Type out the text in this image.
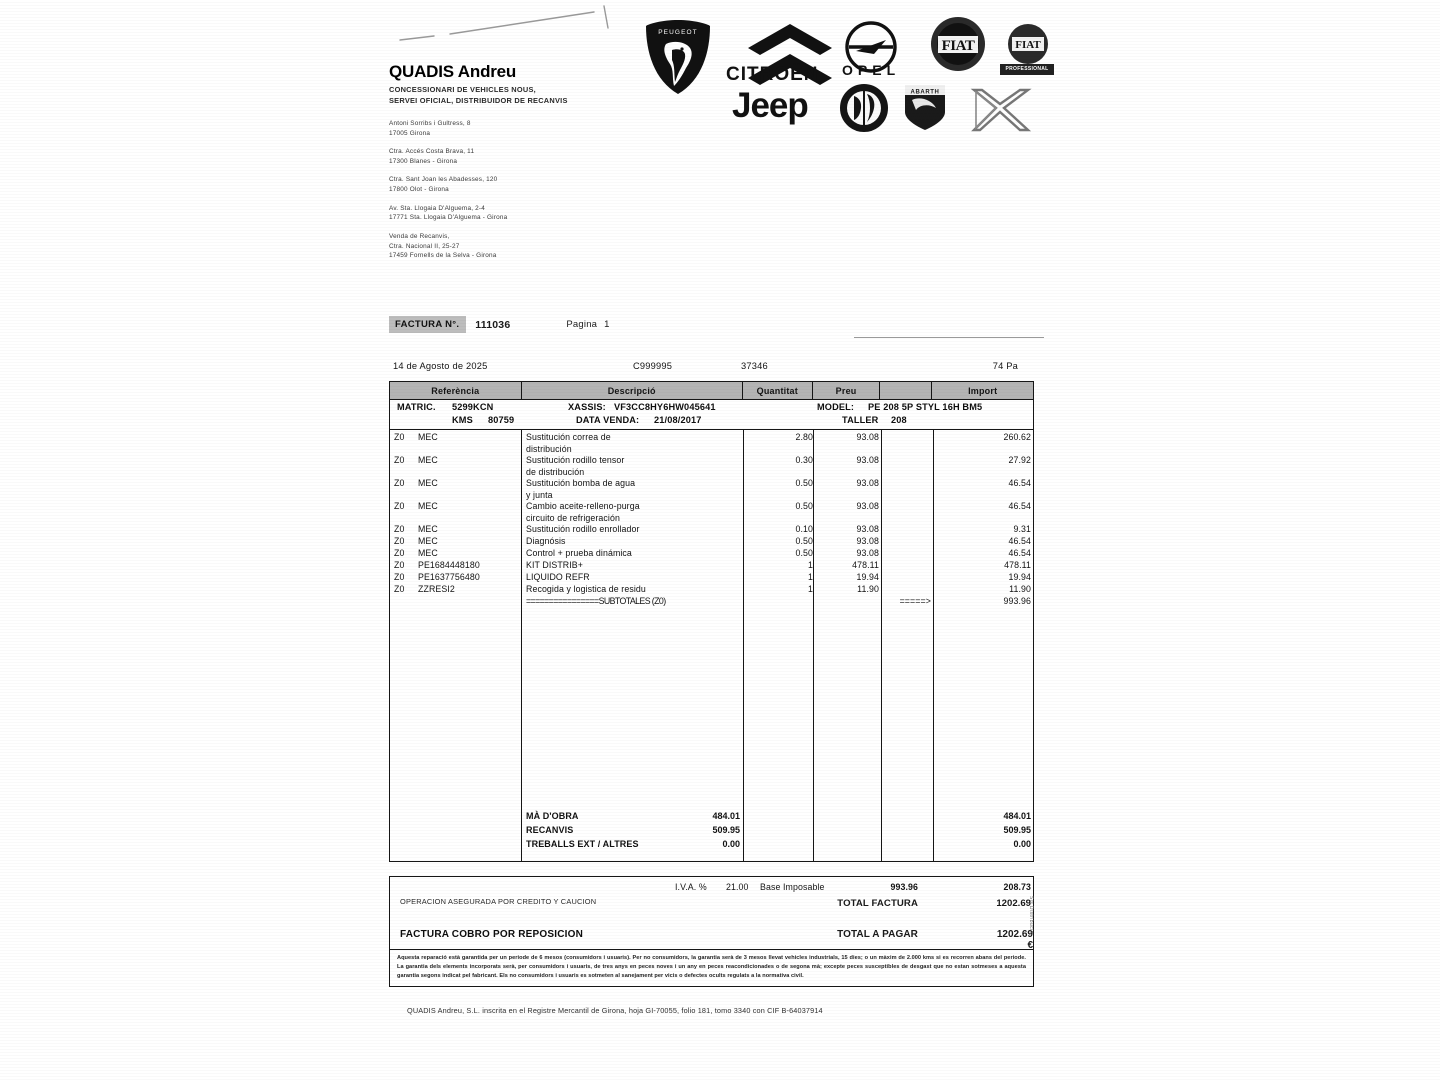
PEUGEOT
CITROËN OPEL
FIAT	FIAT
PROFESSIONAL
Jeep	ABARTH
QUADIS Andreu
CONCESSIONARI DE VEHICLES NOUS,
SERVEI OFICIAL, DISTRIBUIDOR DE RECANVIS
Antoni Sorribs i Gultress, 8
17005 Girona
Ctra. Accés Costa Brava, 11
17300 Blanes - Girona
Ctra. Sant Joan les Abadesses, 120
17800 Olot - Girona
Av. Sta. Llogaia D'Alguema, 2-4
17771 Sta. Llogaia D'Alguema - Girona
Venda de Recanvis,
Ctra. Nacional II, 25-27
17459 Fornells de la Selva - Girona
FACTURA N°. 111036	Pagina 1
14 de Agosto de 2025	C999995	37346	74 Pa
Referència	Descripció	Quantitat	Preu	Import
MATRIC. 5299KCN
KMS 80759
XASSIS: VF3CC8HY6HW045641
DATA VENDA: 21/08/2017
MODEL: PE 208 5P STYL 16H BM5
TALLER 208
MÀ D'OBRA	484.01	484.01
RECANVIS	509.95	509.95
TREBALLS EXT / ALTRES	0.00	0.00
Z0 MEC	Sustitución correa de	2.80	93.08	260.62
distribución
Z0 MEC	Sustitución rodillo tensor	0.30	93.08	27.92
de distribución
Z0 MEC	Sustitución bomba de agua	0.50	93.08	46.54
y junta
Z0 MEC	Cambio aceite-relleno-purga	0.50	93.08	46.54
circuito de refrigeración
Z0 MEC	Sustitución rodillo enrollador	0.10	93.08	9.31
Z0 MEC	Diagnósis	0.50	93.08	46.54
Z0 MEC	Control + prueba dinámica	0.50	93.08	46.54
Z0 PE1684448180	KIT DISTRIB+	1	478.11	478.11
Z0 PE1637756480	LIQUIDO REFR	1	19.94	19.94
Z0 ZZRESI2	Recogida y logistica de residu	1	11.90	11.90
================SUBTOTALES (Z0)	=====>	993.96
I.V.A. % 21.00 Base Imposable	993.96	208.73
OPERACION ASEGURADA POR CREDITO Y CAUCION	TOTAL FACTURA	1202.69
FACTURA COBRO POR REPOSICION	TOTAL A PAGAR	1202.69 €
Sis.Distribucio
Aquesta reparació està garantida per un periode de 6 mesos (consumidors i usuaris). Per no consumidors, la garantia serà de 3 mesos llevat vehicles industrials, 15 dies; o un màxim de 2.000 kms si es recorren abans del periode. La garantia dels elements incorporats serà, per consumidors i usuaris, de tres anys en peces noves i un any en peces reacondicionades o de segona mà; excepte peces susceptibles de desgast que no estan sotmeses a aquesta garantia segons indicat pel fabricant. Els no consumidors i usuaris es sotmeten al sanejament per vicis o defectes ocults regulats a la normativa civil.
QUADIS Andreu, S.L. inscrita en el Registre Mercantil de Girona, hoja GI-70055, folio 181, tomo 3340 con CIF B-64037914
